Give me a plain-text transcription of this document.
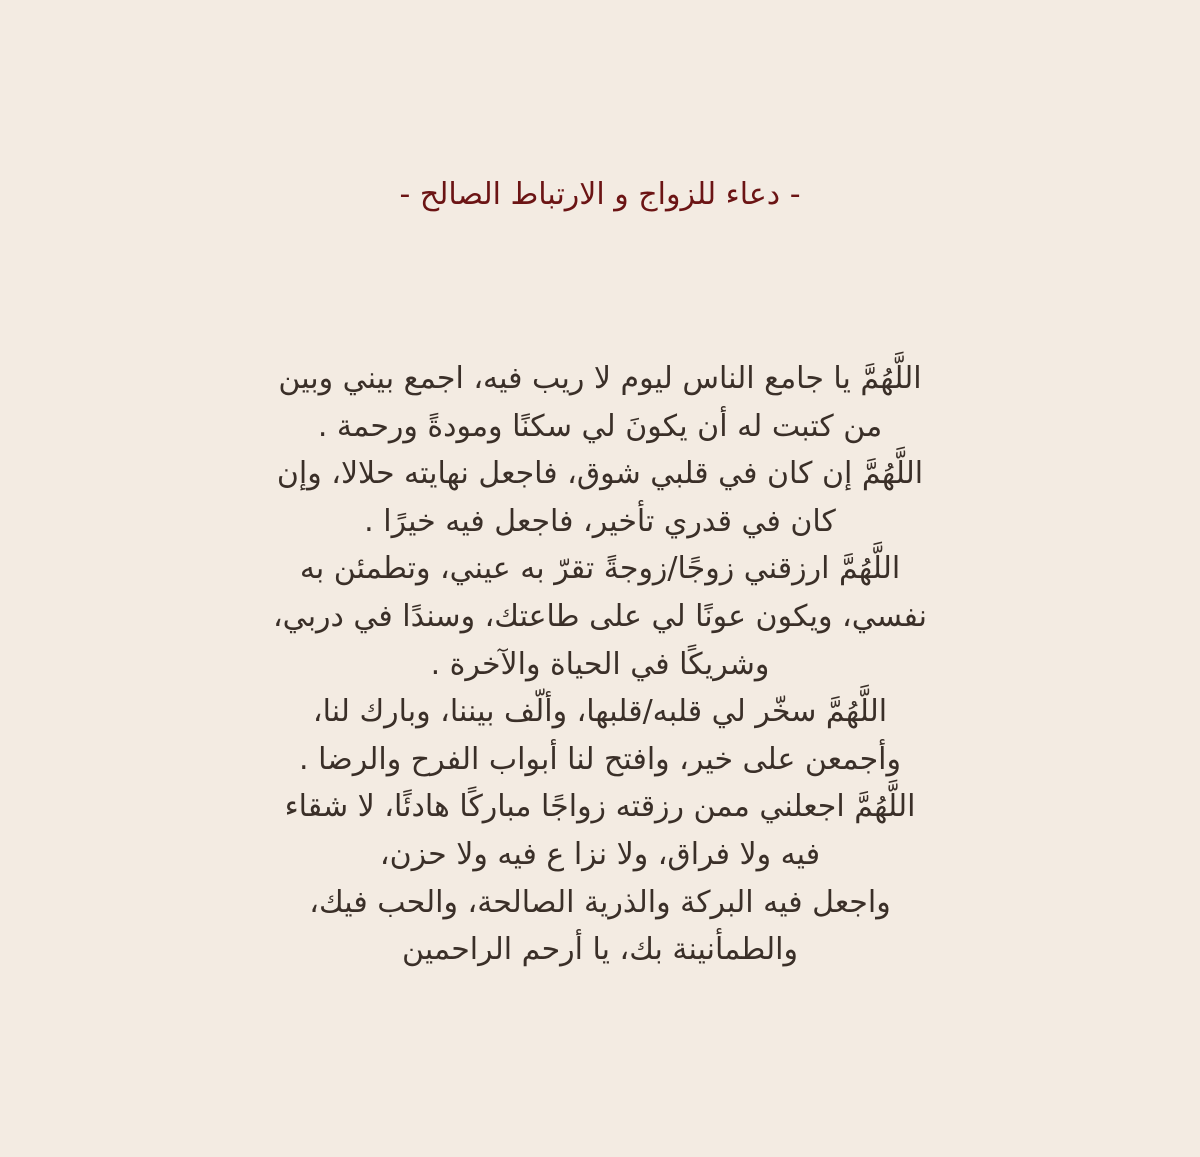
- دعاء للزواج و الارتباط الصالح -
اللَّهُمَّ يا جامع الناس ليوم لا ريب فيه، اجمع بيني وبين
من كتبت له أن يكونَ لي سكنًا ومودةً ورحمة .
اللَّهُمَّ إن كان في قلبي شوق، فاجعل نهايته حلالا، وإن
كان في قدري تأخير، فاجعل فيه خيرًا .
اللَّهُمَّ ارزقني زوجًا/زوجةً تقرّ به عيني، وتطمئن به
نفسي، ويكون عونًا لي على طاعتك، وسندًا في دربي،
وشريكًا في الحياة والآخرة .
اللَّهُمَّ سخّر لي قلبه/قلبها، وألّف بيننا، وبارك لنا،
وأجمعن على خير، وافتح لنا أبواب الفرح والرضا .
اللَّهُمَّ اجعلني ممن رزقته زواجًا مباركًا هادئًا، لا شقاء
فيه ولا فراق، ولا نزا ع فيه ولا حزن،
واجعل فيه البركة والذرية الصالحة، والحب فيك،
والطمأنينة بك، يا أرحم الراحمين
